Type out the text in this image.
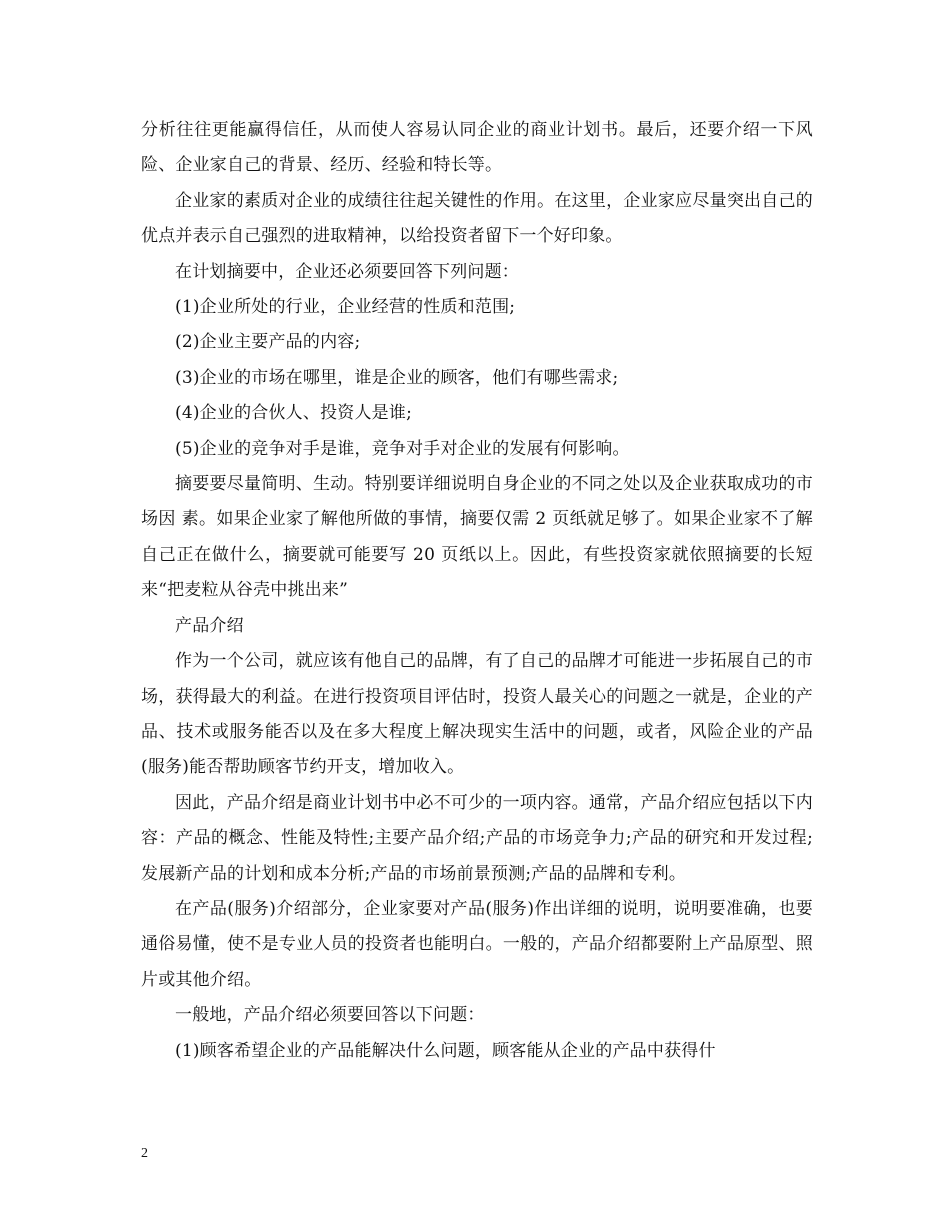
分析往往更能赢得信任，从而使人容易认同企业的商业计划书。最后，还要介绍一下风险、企业家自己的背景、经历、经验和特长等。

企业家的素质对企业的成绩往往起关键性的作用。在这里，企业家应尽量突出自己的优点并表示自己强烈的进取精神，以给投资者留下一个好印象。

在计划摘要中，企业还必须要回答下列问题：

(1)企业所处的行业，企业经营的性质和范围;

(2)企业主要产品的内容;

(3)企业的市场在哪里，谁是企业的顾客，他们有哪些需求;

(4)企业的合伙人、投资人是谁;

(5)企业的竞争对手是谁，竞争对手对企业的发展有何影响。

摘要要尽量简明、生动。特别要详细说明自身企业的不同之处以及企业获取成功的市场因 素。如果企业家了解他所做的事情，摘要仅需 2 页纸就足够了。如果企业家不了解自己正在做什么，摘要就可能要写 20 页纸以上。因此，有些投资家就依照摘要的长短来“把麦粒从谷壳中挑出来”

产品介绍

作为一个公司，就应该有他自己的品牌，有了自己的品牌才可能进一步拓展自己的市场，获得最大的利益。在进行投资项目评估时，投资人最关心的问题之一就是，企业的产品、技术或服务能否以及在多大程度上解决现实生活中的问题，或者，风险企业的产品(服务)能否帮助顾客节约开支，增加收入。

因此，产品介绍是商业计划书中必不可少的一项内容。通常，产品介绍应包括以下内容：产品的概念、性能及特性;主要产品介绍;产品的市场竞争力;产品的研究和开发过程;发展新产品的计划和成本分析;产品的市场前景预测;产品的品牌和专利。

在产品(服务)介绍部分，企业家要对产品(服务)作出详细的说明，说明要准确，也要通俗易懂，使不是专业人员的投资者也能明白。一般的，产品介绍都要附上产品原型、照片或其他介绍。

一般地，产品介绍必须要回答以下问题：

(1)顾客希望企业的产品能解决什么问题，顾客能从企业的产品中获得什

2
